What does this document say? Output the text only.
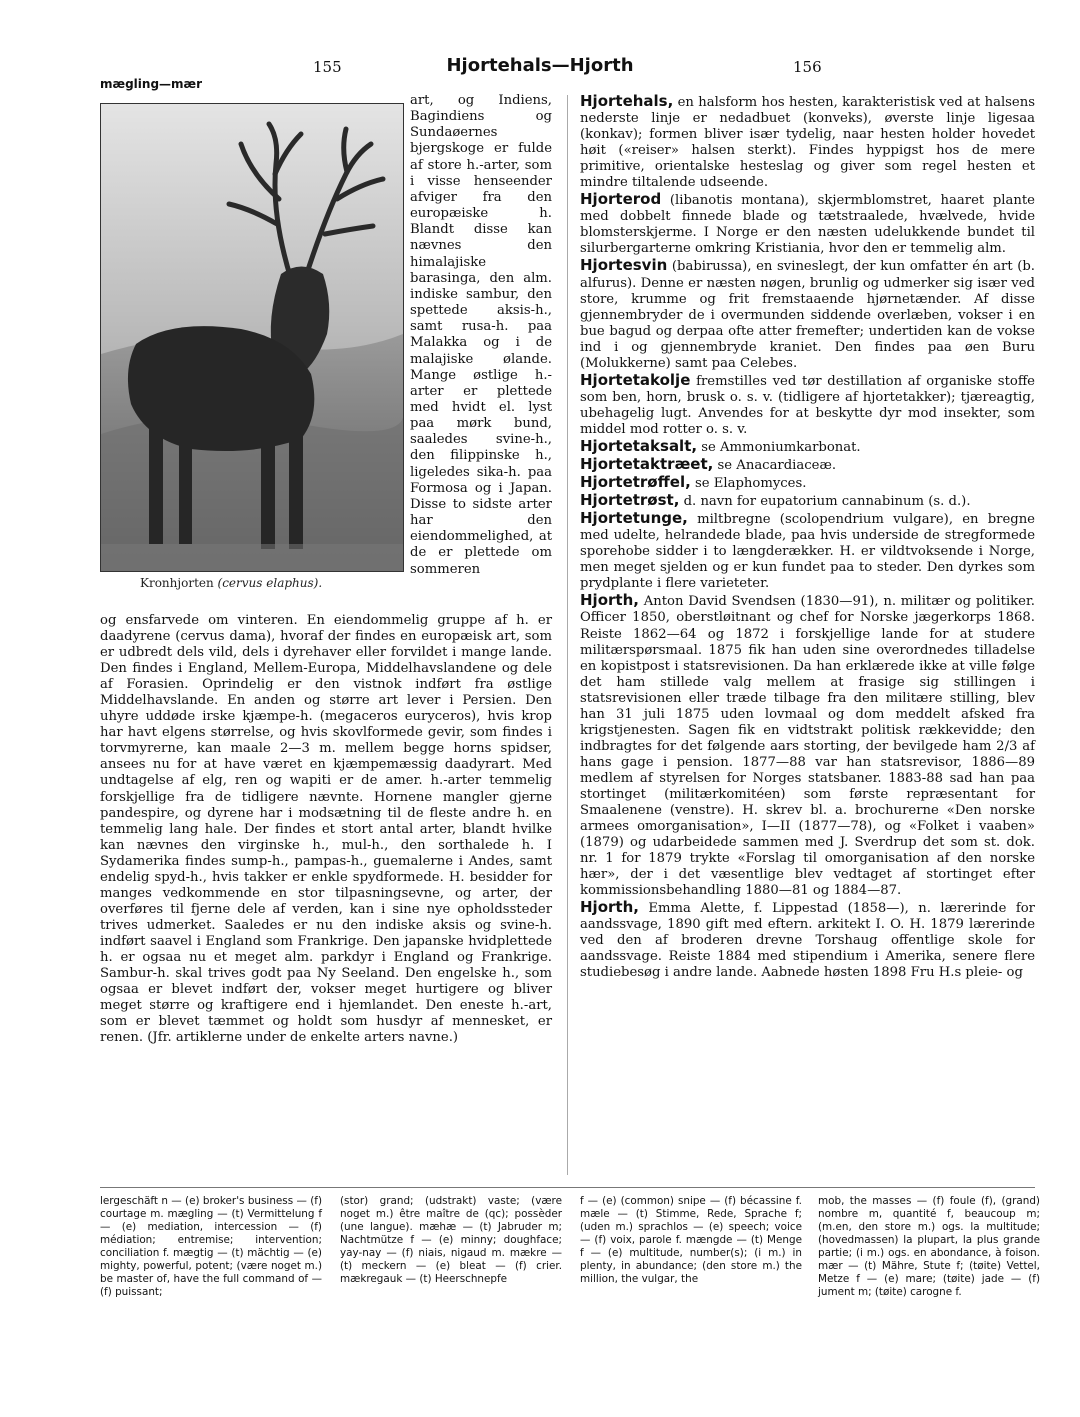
155	Hjortehals—Hjorth	156
mægling—mær
Kronhjorten (cervus elaphus).
art, og Indiens, Bagindiens og Sundaøernes bjergskoge er fulde af store h.-arter, som i visse henseender afviger fra den europæiske h. Blandt disse kan nævnes den himalajiske barasinga, den alm. indiske sambur, den spettede aksis-h., samt rusa-h. paa Malakka og i de malajiske ølande. Mange østlige h.-arter er plettede med hvidt el. lyst paa mørk bund, saaledes svine-h., den filippinske h., ligeledes sika-h. paa Formosa og i Japan. Disse to sidste arter har den eiendommelighed, at de er plettede om sommeren
og ensfarvede om vinteren. En eiendommelig gruppe af h. er daadyrene (cervus dama), hvoraf der findes en europæisk art, som er udbredt dels vild, dels i dyrehaver eller forvildet i mange lande. Den findes i England, Mellem-Europa, Middelhavslandene og dele af Forasien. Oprindelig er den vistnok indført fra østlige Middelhavslande. En anden og større art lever i Persien. Den uhyre uddøde irske kjæmpe-h. (megaceros euryceros), hvis krop har havt elgens størrelse, og hvis skovlformede gevir, som findes i torvmyrerne, kan maale 2—3 m. mellem begge horns spidser, ansees nu for at have været en kjæmpemæssig daadyrart. Med undtagelse af elg, ren og wapiti er de amer. h.-arter temmelig forskjellige fra de tidligere nævnte. Hornene mangler gjerne pandespire, og dyrene har i modsætning til de fleste andre h. en temmelig lang hale. Der findes et stort antal arter, blandt hvilke kan nævnes den virginske h., mul-h., den sorthalede h. I Sydamerika findes sump-h., pampas-h., guemalerne i Andes, samt endelig spyd-h., hvis takker er enkle spydformede. H. besidder for manges vedkommende en stor tilpasningsevne, og arter, der overføres til fjerne dele af verden, kan i sine nye opholdssteder trives udmerket. Saaledes er nu den indiske aksis og svine-h. indført saavel i England som Frankrige. Den japanske hvidplettede h. er ogsaa nu et meget alm. parkdyr i England og Frankrige. Sambur-h. skal trives godt paa Ny Seeland. Den engelske h., som ogsaa er blevet indført der, vokser meget hurtigere og bliver meget større og kraftigere end i hjemlandet. Den eneste h.-art, som er blevet tæmmet og holdt som husdyr af mennesket, er renen. (Jfr. artiklerne under de enkelte arters navne.)
Hjortehals, en halsform hos hesten, karakteristisk ved at halsens nederste linje er nedadbuet (konveks), øverste linje ligesaa (konkav); formen bliver især tydelig, naar hesten holder hovedet høit («reiser» halsen sterkt). Findes hyppigst hos de mere primitive, orientalske hesteslag og giver som regel hesten et mindre tiltalende udseende.
Hjorterod (libanotis montana), skjermblomstret, haaret plante med dobbelt finnede blade og tætstraalede, hvælvede, hvide blomsterskjerme. I Norge er den næsten udelukkende bundet til silurbergarterne omkring Kristiania, hvor den er temmelig alm.
Hjortesvin (babirussa), en svineslegt, der kun omfatter én art (b. alfurus). Denne er næsten nøgen, brunlig og udmerker sig især ved store, krumme og frit fremstaaende hjørnetænder. Af disse gjennembryder de i overmunden siddende overlæben, vokser i en bue bagud og derpaa ofte atter fremefter; undertiden kan de vokse ind i og gjennembryde kraniet. Den findes paa øen Buru (Molukkerne) samt paa Celebes.
Hjortetakolje fremstilles ved tør destillation af organiske stoffe som ben, horn, brusk o. s. v. (tidligere af hjortetakker); tjæreagtig, ubehagelig lugt. Anvendes for at beskytte dyr mod insekter, som middel mod rotter o. s. v.
Hjortetaksalt, se Ammoniumkarbonat.
Hjortetaktræet, se Anacardiaceæ.
Hjortetrøffel, se Elaphomyces.
Hjortetrøst, d. navn for eupatorium cannabinum (s. d.).
Hjortetunge, miltbregne (scolopendrium vulgare), en bregne med udelte, helrandede blade, paa hvis underside de stregformede sporehobe sidder i to længderækker. H. er vildtvoksende i Norge, men meget sjelden og er kun fundet paa to steder. Den dyrkes som prydplante i flere varieteter.
Hjorth, Anton David Svendsen (1830—91), n. militær og politiker. Officer 1850, oberstløitnant og chef for Norske jægerkorps 1868. Reiste 1862—64 og 1872 i forskjellige lande for at studere militærspørsmaal. 1875 fik han uden sine overordnedes tilladelse en kopistpost i statsrevisionen. Da han erklærede ikke at ville følge det ham stillede valg mellem at frasige sig stillingen i statsrevisionen eller træde tilbage fra den militære stilling, blev han 31 juli 1875 uden lovmaal og dom meddelt afsked fra krigstjenesten. Sagen fik en vidtstrakt politisk rækkevidde; den indbragtes for det følgende aars storting, der bevilgede ham 2/3 af hans gage i pension. 1877—88 var han statsrevisor, 1886—89 medlem af styrelsen for Norges statsbaner. 1883-88 sad han paa stortinget (militærkomitéen) som første repræsentant for Smaalenene (venstre). H. skrev bl. a. brochurerne «Den norske armees omorganisation», I—II (1877—78), og «Folket i vaaben» (1879) og udarbeidede sammen med J. Sverdrup det som st. dok. nr. 1 for 1879 trykte «Forslag til omorganisation af den norske hær», der i det væsentlige blev vedtaget af stortinget efter kommissionsbehandling 1880—81 og 1884—87.
Hjorth, Emma Alette, f. Lippestad (1858—), n. lærerinde for aandssvage, 1890 gift med eftern. arkitekt I. O. H. 1879 lærerinde ved den af broderen drevne Torshaug offentlige skole for aandssvage. Reiste 1884 med stipendium i Amerika, senere flere studiebesøg i andre lande. Aabnede høsten 1898 Fru H.s pleie- og
lergeschäft n — (e) broker's business — (f) courtage m. mægling — (t) Vermittelung f — (e) mediation, intercession — (f) médiation; entremise; intervention; conciliation f. mægtig — (t) mächtig — (e) mighty, powerful, potent; (være noget m.) be master of, have the full command of — (f) puissant;
(stor) grand; (udstrakt) vaste; (være noget m.) être maître de (qc); possèder (une langue). mæhæ — (t) Jabruder m; Nachtmütze f — (e) minny; doughface; yay-nay — (f) niais, nigaud m. mækre — (t) meckern — (e) bleat — (f) crier. mækregauk — (t) Heerschnepfe
f — (e) (common) snipe — (f) bécassine f. mæle — (t) Stimme, Rede, Sprache f; (uden m.) sprachlos — (e) speech; voice — (f) voix, parole f. mængde — (t) Menge f — (e) multitude, number(s); (i m.) in plenty, in abundance; (den store m.) the million, the vulgar, the
mob, the masses — (f) foule (f), (grand) nombre m, quantité f, beaucoup m; (m.en, den store m.) ogs. la multitude; (hovedmassen) la plupart, la plus grande partie; (i m.) ogs. en abondance, à foison. mær — (t) Mähre, Stute f; (tøite) Vettel, Metze f — (e) mare; (tøite) jade — (f) jument m; (tøite) carogne f.
